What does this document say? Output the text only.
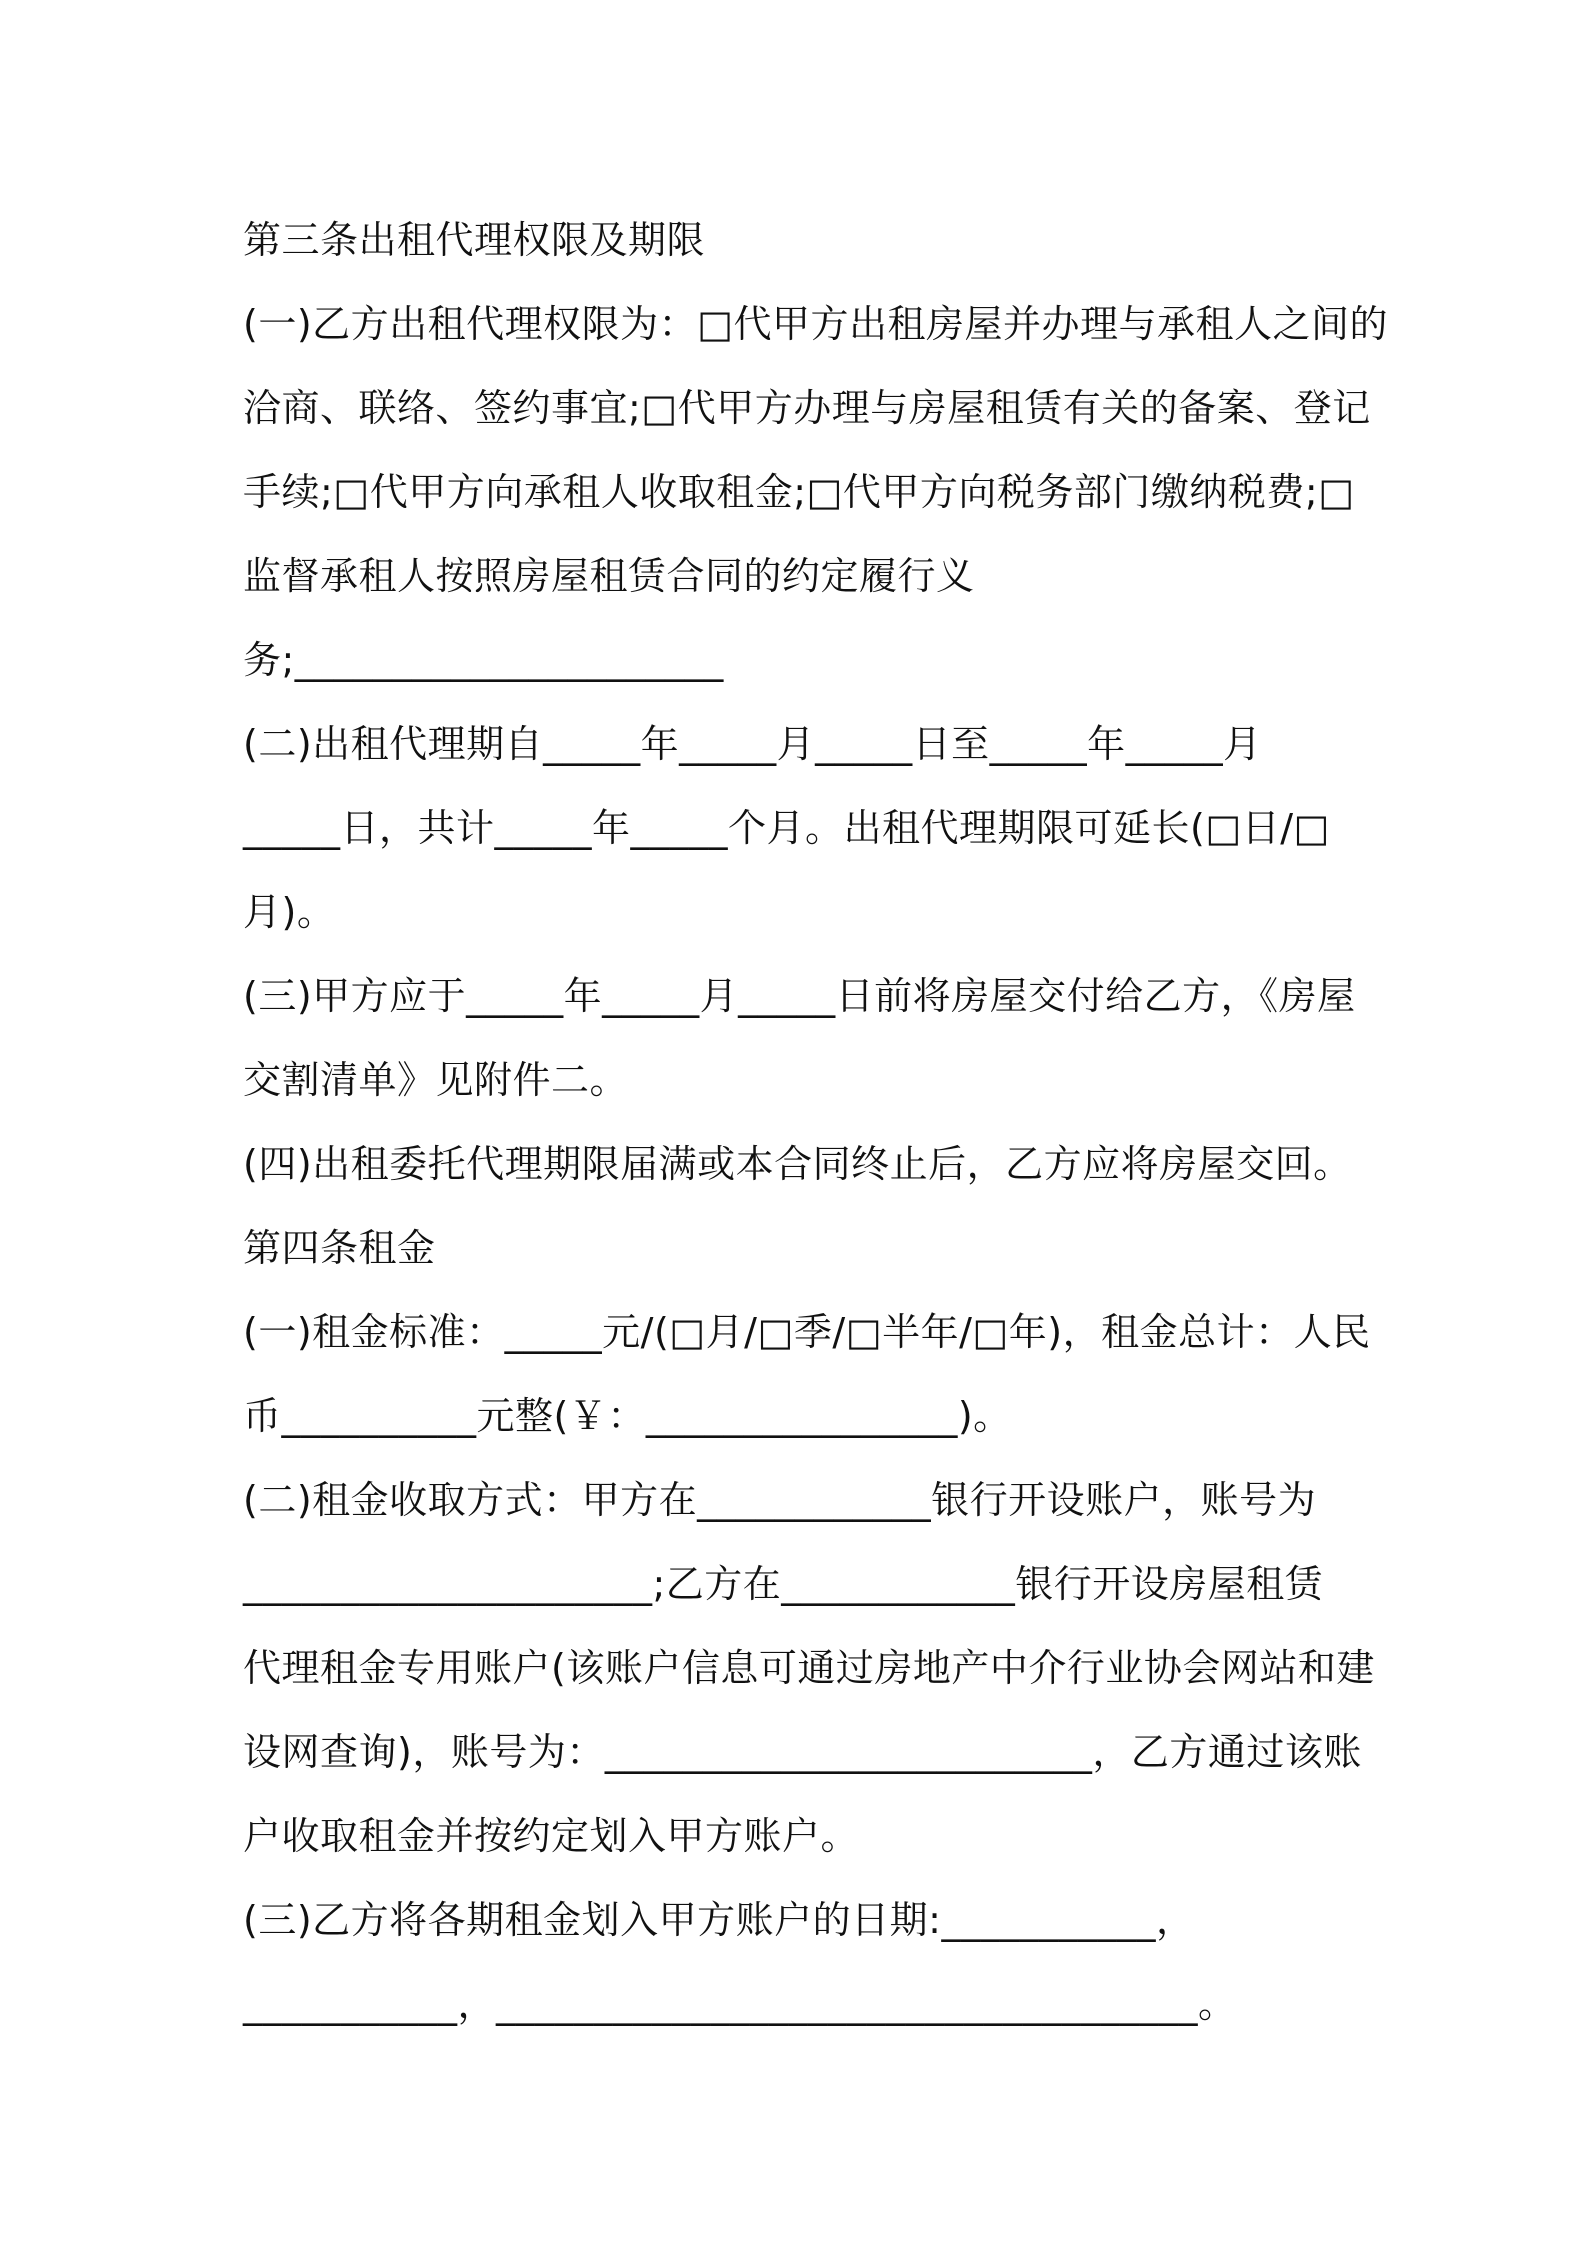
第三条出租代理权限及期限
(一)乙方出租代理权限为：□代甲方出租房屋并办理与承租人之间的
洽商、联络、签约事宜;□代甲方办理与房屋租赁有关的备案、登记
手续;□代甲方向承租人收取租金;□代甲方向税务部门缴纳税费;□
监督承租人按照房屋租赁合同的约定履行义
务;______________________
(二)出租代理期自_____年_____月_____日至_____年_____月
_____日，共计_____年_____个月。出租代理期限可延长(□日/□
月)。
(三)甲方应于_____年_____月_____日前将房屋交付给乙方，《房屋
交割清单》见附件二。
(四)出租委托代理期限届满或本合同终止后，乙方应将房屋交回。
第四条租金
(一)租金标准：_____元/(□月/□季/□半年/□年)，租金总计：人民
币__________元整(￥：________________)。
(二)租金收取方式：甲方在____________银行开设账户，账号为
_____________________;乙方在____________银行开设房屋租赁
代理租金专用账户(该账户信息可通过房地产中介行业协会网站和建
设网查询)，账号为：_________________________，乙方通过该账
户收取租金并按约定划入甲方账户。
(三)乙方将各期租金划入甲方账户的日期:___________，
___________，____________________________________。
